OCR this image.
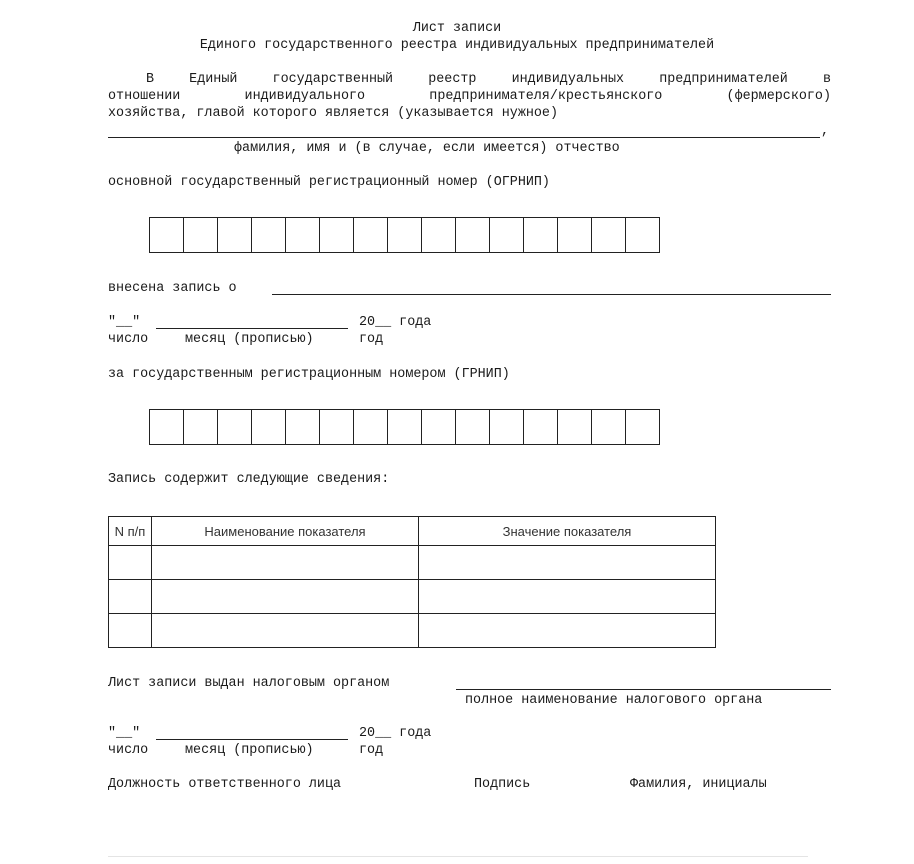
Лист записи
Единого государственного реестра индивидуальных предпринимателей
В Единый государственный реестр индивидуальных предпринимателей в
отношении индивидуального предпринимателя/крестьянского (фермерского)
хозяйства, главой которого является (указывается нужное)
,
фамилия, имя и (в случае, если имеется) отчество
основной государственный регистрационный номер (ОГРНИП)
внесена запись о
"__"	20__ года
число	месяц (прописью)	год
за государственным регистрационным номером (ГРНИП)
Запись содержит следующие сведения:
N п/п	Наименование показателя	Значение показателя

Лист записи выдан налоговым органом
полное наименование налогового органа
"__"	20__ года
число	месяц (прописью)	год
Должность ответственного лица	Подпись	Фамилия, инициалы
